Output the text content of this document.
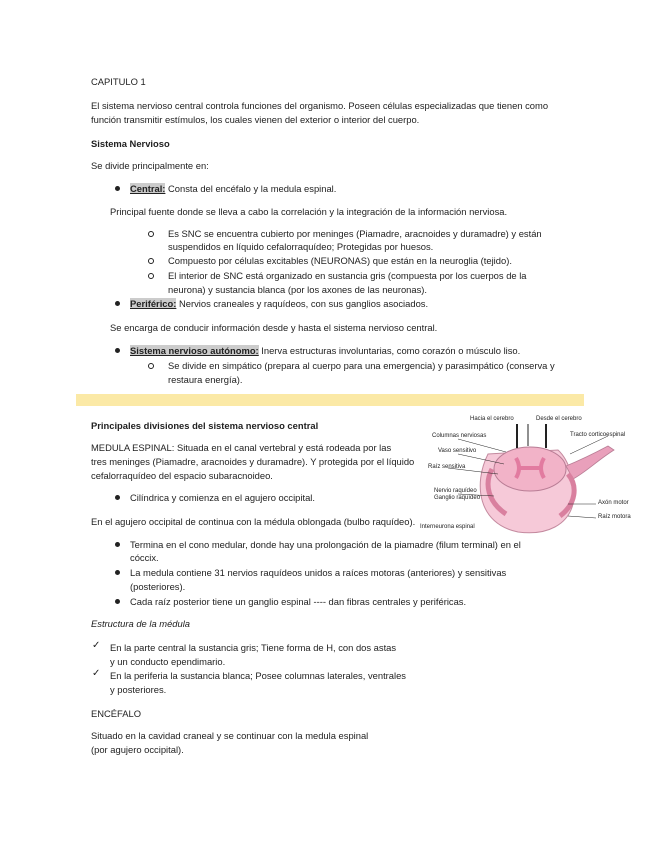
CAPITULO 1
El sistema nervioso central controla funciones del organismo. Poseen células especializadas que tienen como
función transmitir estímulos, los cuales vienen del exterior o interior del cuerpo.
Sistema Nervioso
Se divide principalmente en:
Central: Consta del encéfalo y la medula espinal.
Principal fuente donde se lleva a cabo la correlación y la integración de la información nerviosa.
Es SNC se encuentra cubierto por meninges (Piamadre, aracnoides y duramadre) y están
suspendidos en líquido cefalorraquídeo; Protegidas por huesos.
Compuesto por células excitables (NEURONAS) que están en la neuroglia (tejido).
El interior de SNC está organizado en sustancia gris (compuesta por los cuerpos de la
neurona) y sustancia blanca (por los axones de las neuronas).
Periférico: Nervios craneales y raquídeos, con sus ganglios asociados.
Se encarga de conducir información desde y hasta el sistema nervioso central.
Sistema nervioso autónomo: Inerva estructuras involuntarias, como corazón o músculo liso.
Se divide en simpático (prepara al cuerpo para una emergencia) y parasimpático (conserva y
restaura energía).
Principales divisiones del sistema nervioso central
MEDULA ESPINAL: Situada en el canal vertebral y está rodeada por las
tres meninges (Piamadre, aracnoides y duramadre). Y protegida por el líquido
cefalorraquídeo del espacio subaracnoideo.
Cilíndrica y comienza en el agujero occipital.
En el agujero occipital de continua con la médula oblongada (bulbo raquídeo).
Termina en el cono medular, donde hay una prolongación de la piamadre (filum terminal) en el
cóccix.
La medula contiene 31 nervios raquídeos unidos a raíces motoras (anteriores) y sensitivas
(posteriores).
Cada raíz posterior tiene un ganglio espinal ---- dan fibras centrales y periféricas.
Estructura de la médula
✓ En la parte central la sustancia gris; Tiene forma de H, con dos astas
y un conducto ependimario.
✓ En la periferia la sustancia blanca; Posee columnas laterales, ventrales
y posteriores.
ENCÉFALO
Situado en la cavidad craneal y se continuar con la medula espinal
(por agujero occipital).
Hacia el cerebro	Desde el cerebro
Columnas nerviosas
Vaso sensitivo
Raíz sensitiva
Nervio raquídeo
Ganglio raquídeo
Axón motor
Raíz motora
Tracto corticoespinal
Interneurona espinal
